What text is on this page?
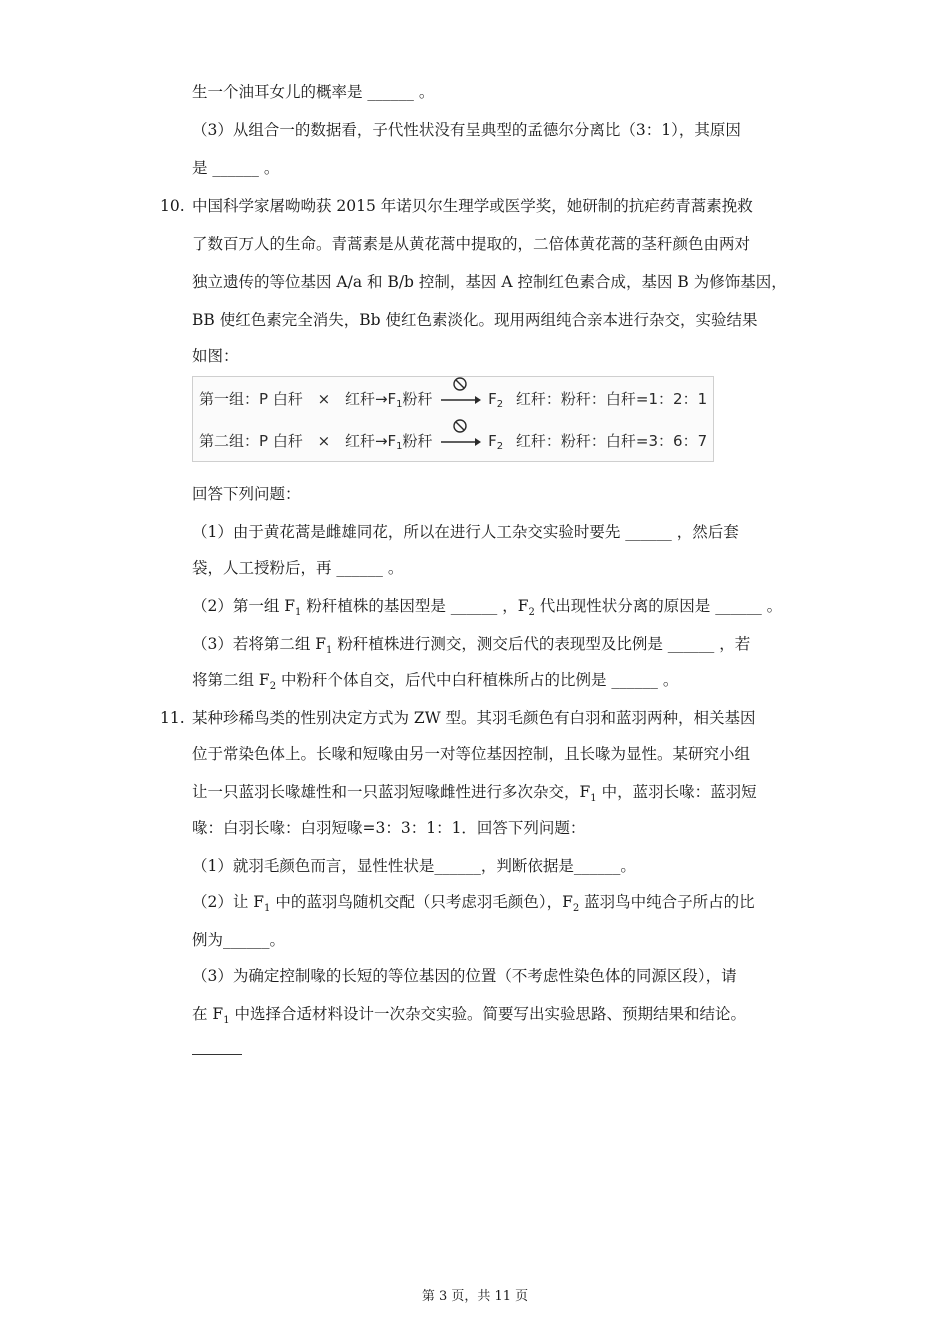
生一个油耳女儿的概率是 ______ 。
（3）从组合一的数据看，子代性状没有呈典型的孟德尔分离比（3：1），其原因
是 ______ 。
10. 中国科学家屠呦呦获 2015 年诺贝尔生理学或医学奖，她研制的抗疟药青蒿素挽救
了数百万人的生命。青蒿素是从黄花蒿中提取的，二倍体黄花蒿的茎秆颜色由两对
独立遗传的等位基因 A/a 和 B/b 控制，基因 A 控制红色素合成，基因 B 为修饰基因，
BB 使红色素完全消失，Bb 使红色素淡化。现用两组纯合亲本进行杂交，实验结果
如图：
第一组：P 白秆 × 红秆$\to F_1$粉秆	$F_2$ 红秆：粉秆：白秆=1：2：1
第二组：P 白秆 × 红秆$\to F_1$粉秆	$F_2$ 红秆：粉秆：白秆=3：6：7
回答下列问题：
（1）由于黄花蒿是雌雄同花，所以在进行人工杂交实验时要先 ______ ，然后套
袋，人工授粉后，再 ______ 。
（2）第一组 $F_1$ 粉秆植株的基因型是 ______ ，$F_2$ 代出现性状分离的原因是 ______ 。
（3）若将第二组 $F_1$ 粉秆植株进行测交，测交后代的表现型及比例是 ______ ，若
将第二组 $F_2$ 中粉秆个体自交，后代中白秆植株所占的比例是 ______ 。
11. 某种珍稀鸟类的性别决定方式为 ZW 型。其羽毛颜色有白羽和蓝羽两种，相关基因
位于常染色体上。长喙和短喙由另一对等位基因控制，且长喙为显性。某研究小组
让一只蓝羽长喙雄性和一只蓝羽短喙雌性进行多次杂交，$F_1$ 中，蓝羽长喙：蓝羽短
喙：白羽长喙：白羽短喙=3：3：1：1．回答下列问题：
（1）就羽毛颜色而言，显性性状是______，判断依据是______。
（2）让 $F_1$ 中的蓝羽鸟随机交配（只考虑羽毛颜色），$F_2$ 蓝羽鸟中纯合子所占的比
例为______。
（3）为确定控制喙的长短的等位基因的位置（不考虑性染色体的同源区段），请
在 $F_1$ 中选择合适材料设计一次杂交实验。简要写出实验思路、预期结果和结论。
第 3 页，共 11 页
